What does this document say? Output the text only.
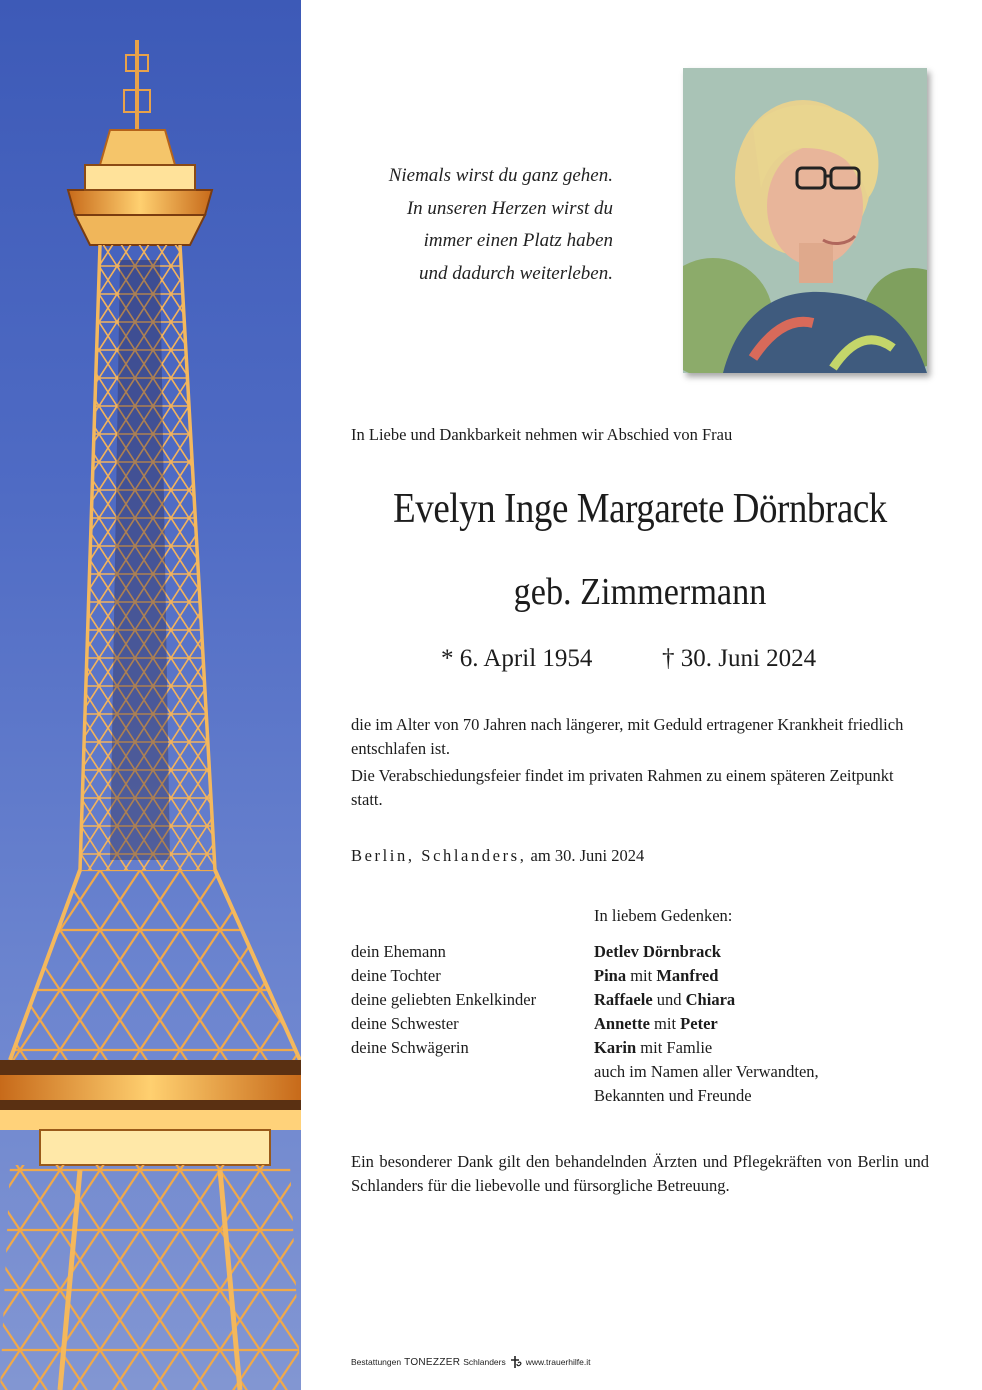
Niemals wirst du ganz gehen.
In unseren Herzen wirst du
immer einen Platz haben
und dadurch weiterleben.
In Liebe und Dankbarkeit nehmen wir Abschied von Frau
Evelyn Inge Margarete Dörnbrack
geb. Zimmermann
* 6. April 1954	† 30. Juni 2024

die im Alter von 70 Jahren nach längerer, mit Geduld ertragener Krankheit friedlich entschlafen ist.

Die Verabschiedungsfeier findet im privaten Rahmen zu einem späteren Zeitpunkt statt.

Berlin, Schlanders, am 30. Juni 2024
In liebem Gedenken:
dein Ehemann	Detlev Dörnbrack
deine Tochter	Pina mit Manfred
deine geliebten Enkelkinder	Raffaele und Chiara
deine Schwester	Annette mit Peter
deine Schwägerin	Karin mit Famlie
auch im Namen aller Verwandten,
Bekannten und Freunde
Ein besonderer Dank gilt den behandelnden Ärzten und Pflegekräften von Berlin und Schlanders für die liebevolle und fürsorgliche Betreuung.
Bestattungen TONEZZER Schlanders www.trauerhilfe.it
